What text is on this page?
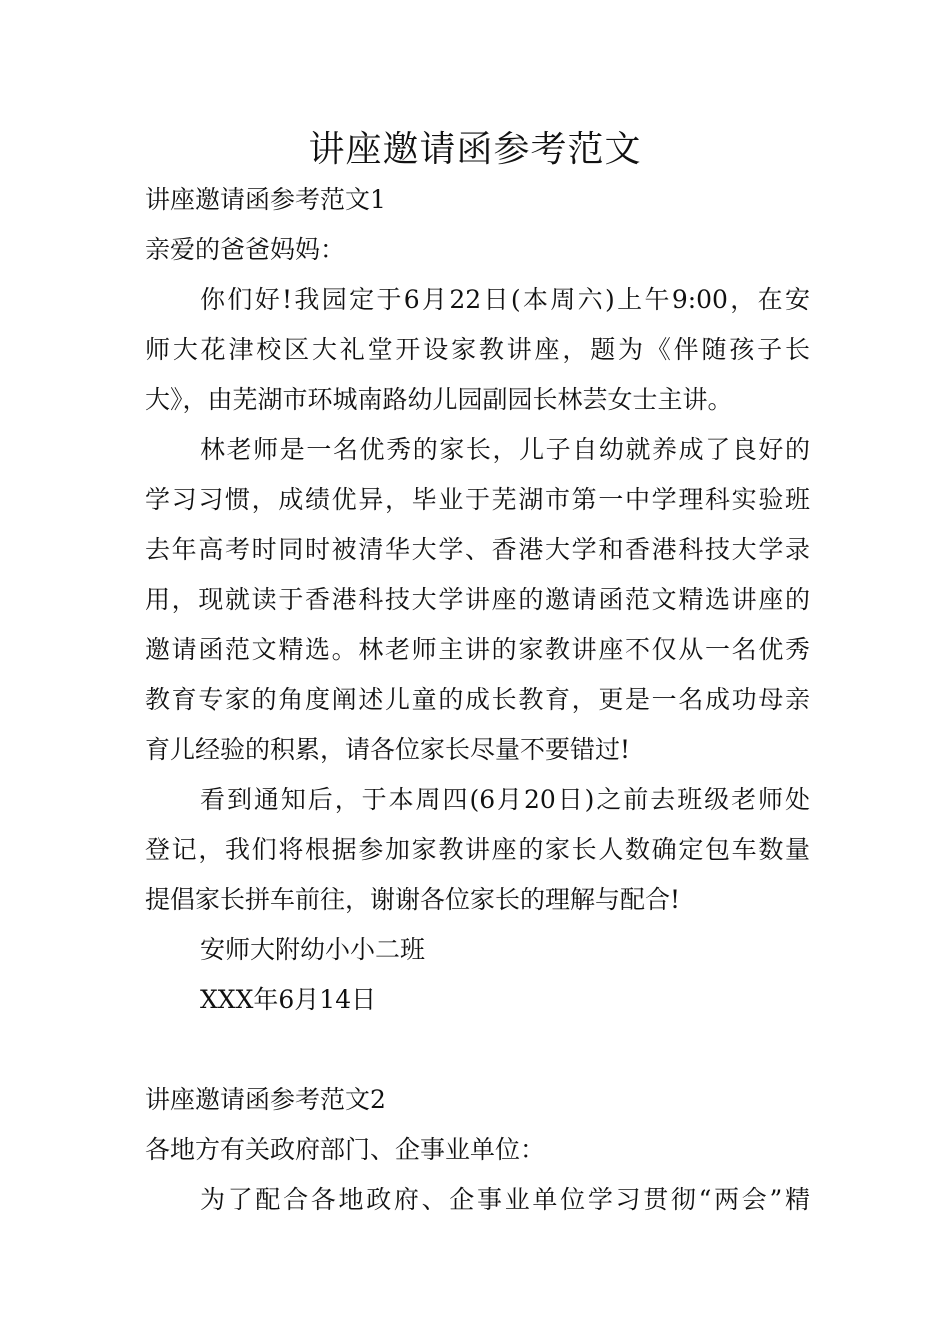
讲座邀请函参考范文

讲座邀请函参考范文1

亲爱的爸爸妈妈：

你们好!我园定于6月22日(本周六)上午9:00，在安

师大花津校区大礼堂开设家教讲座，题为《伴随孩子长

大》，由芜湖市环城南路幼儿园副园长林芸女士主讲。

林老师是一名优秀的家长，儿子自幼就养成了良好的

学习习惯，成绩优异，毕业于芜湖市第一中学理科实验班

去年高考时同时被清华大学、香港大学和香港科技大学录

用，现就读于香港科技大学讲座的邀请函范文精选讲座的

邀请函范文精选。林老师主讲的家教讲座不仅从一名优秀

教育专家的角度阐述儿童的成长教育，更是一名成功母亲

育儿经验的积累，请各位家长尽量不要错过!

看到通知后，于本周四(6月20日)之前去班级老师处

登记，我们将根据参加家教讲座的家长人数确定包车数量

提倡家长拼车前往，谢谢各位家长的理解与配合!

安师大附幼小小二班

XXX年6月14日

讲座邀请函参考范文2

各地方有关政府部门、企事业单位：

为了配合各地政府、企事业单位学习贯彻“两会”精
